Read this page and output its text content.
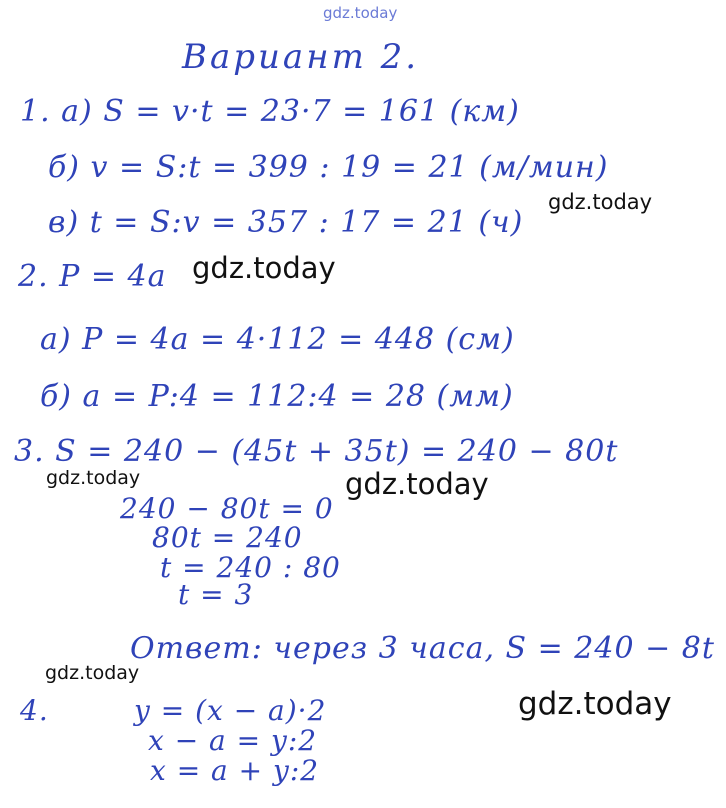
gdz.today
gdz.today
gdz.today
gdz.today	gdz.today
gdz.today
gdz.today
Вариант 2.
1. а) S = v·t = 23·7 = 161 (км)
б) v = S:t = 399 : 19 = 21 (м/мин)
в) t = S:v = 357 : 17 = 21 (ч)
2. P = 4a
а) P = 4a = 4·112 = 448 (см)
б) a = P:4 = 112:4 = 28 (мм)
3. S = 240 − (45t + 35t) = 240 − 80t
240 − 80t = 0
80t = 240
t = 240 : 80
t = 3
Ответ: через 3 часа, S = 240 − 8t
4.	y = (x − a)·2
x − a = y:2
x = a + y:2
